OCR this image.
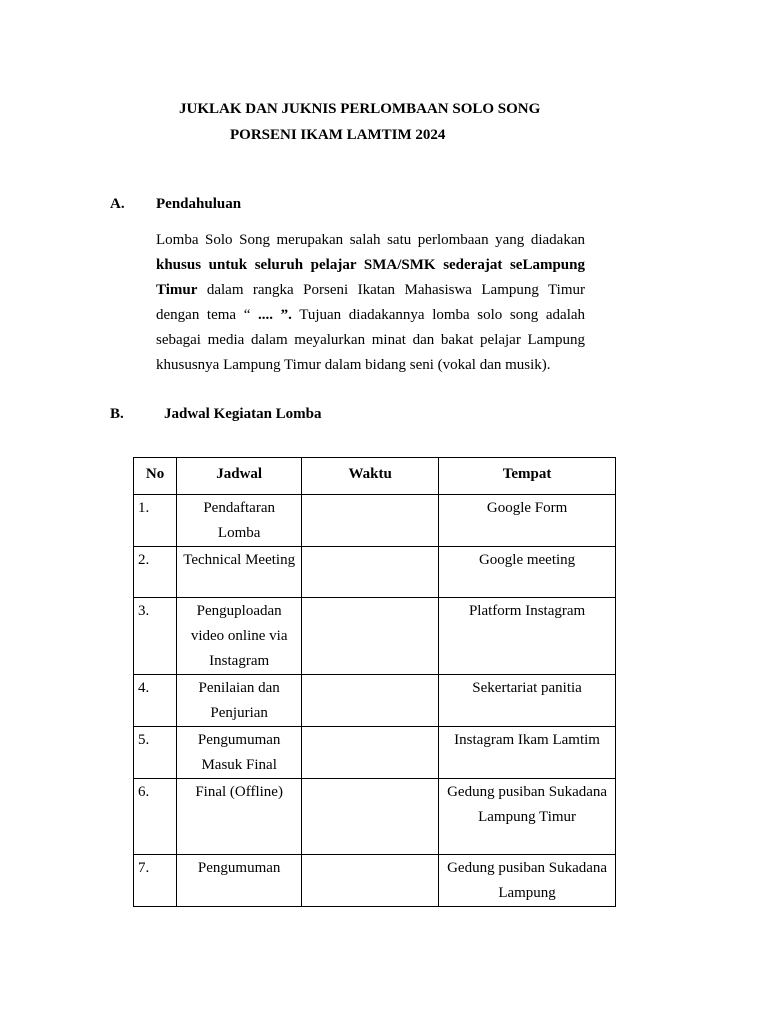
JUKLAK DAN JUKNIS PERLOMBAAN SOLO SONG
PORSENI IKAM LAMTIM 2024
A. Pendahuluan
Lomba Solo Song merupakan salah satu perlombaan yang diadakan khusus untuk seluruh pelajar SMA/SMK sederajat seLampung Timur dalam rangka Porseni Ikatan Mahasiswa Lampung Timur dengan tema “ .... ”. Tujuan diadakannya lomba solo song adalah sebagai media dalam meyalurkan minat dan bakat pelajar Lampung khususnya Lampung Timur dalam bidang seni (vokal dan musik).
B.	Jadwal Kegiatan Lomba
No	Jadwal	Waktu	Tempat
1.	Pendaftaran Lomba		Google Form
2.	Technical Meeting		Google meeting
3.	Penguploadan video online via Instagram		Platform Instagram
4.	Penilaian dan Penjurian		Sekertariat panitia
5.	Pengumuman Masuk Final		Instagram Ikam Lamtim
6.	Final (Offline)		Gedung pusiban Sukadana Lampung Timur
7.	Pengumuman		Gedung pusiban Sukadana Lampung
